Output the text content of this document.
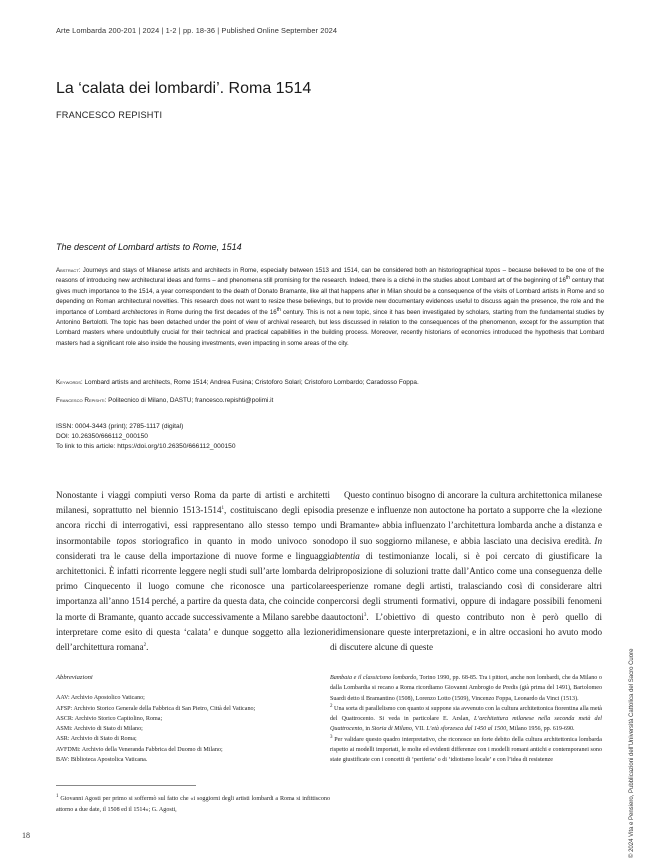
Arte Lombarda 200-201 | 2024 | 1-2 | pp. 18-36 | Published Online September 2024
La ‘calata dei lombardi’. Roma 1514
FRANCESCO REPISHTI
The descent of Lombard artists to Rome, 1514

Abstract: Journeys and stays of Milanese artists and architects in Rome, especially between 1513 and 1514, can be considered both an historiographical topos – because believed to be one of the reasons of introducing new architectural ideas and forms – and phenomena still promising for the research. Indeed, there is a cliché in the studies about Lombard art of the beginning of 16th century that gives much importance to the 1514, a year correspondent to the death of Donato Bramante, like all that happens after in Milan should be a consequence of the visits of Lombard artists in Rome and so depending on Roman architectural novelties. This research does not want to resize these believings, but to provide new documentary evidences useful to discuss again the presence, the role and the importance of Lombard architectores in Rome during the first decades of the 16th century. This is not a new topic, since it has been investigated by scholars, starting from the fundamental studies by Antonino Bertolotti. The topic has been detached under the point of view of archival research, but less discussed in relation to the consequences of the phenomenon, except for the assumption that Lombard masters where undoubtfully crucial for their technical and practical capabilities in the building process. Moreover, recently historians of economics introduced the hypothesis that Lombard masters had a significant role also inside the housing investments, even impacting in some areas of the city.

Keywords: Lombard artists and architects, Rome 1514; Andrea Fusina; Cristoforo Solari; Cristoforo Lombardo; Caradosso Foppa.

Francesco Repishti: Politecnico di Milano, DASTU; francesco.repishti@polimi.it

ISSN: 0004-3443 (print); 2785-1117 (digital)
DOI: 10.26350/666112_000150
To link to this article: https://doi.org/10.26350/666112_000150

Nonostante i viaggi compiuti verso Roma da parte di artisti e architetti milanesi, soprattutto nel biennio 1513-1514$^1$, costituiscano degli episodi ancora ricchi di interrogativi, essi rappresentano allo stesso tempo un insormontabile topos storiografico in quanto in modo univoco sono considerati tra le cause della importazione di nuove forme e linguaggi architettonici. È infatti ricorrente leggere negli studi sull’arte lombarda del primo Cinquecento il luogo comune che riconosce una particolare importanza all’anno 1514 perché, a partire da questa data, che coincide con la morte di Bramante, quanto accade successivamente a Milano sarebbe da interpretare come esito di questa ‘calata’ e dunque soggetto alla lezione dell’architettura romana$^2$.

Questo continuo bisogno di ancorare la cultura architettonica milanese a presenze e influenze non autoctone ha portato a supporre che la «lezione di Bramante» abbia influenzato l’architettura lombarda anche a distanza e dopo il suo soggiorno milanese, e abbia lasciato una decisiva eredità. In abtentia di testimonianze locali, si è poi cercato di giustificare la riproposizione di soluzioni tratte dall’Antico come una conseguenza delle esperienze romane degli artisti, tralasciando così di considerare altri percorsi degli strumenti formativi, oppure di indagare possibili fenomeni autoctoni$^3$. L’obiettivo di questo contributo non è però quello di ridimensionare queste interpretazioni, e in altre occasioni ho avuto modo di discutere alcune di queste

Abbreviazioni

AAV: Archivio Apostolico Vaticano;

AFSP: Archivio Storico Generale della Fabbrica di San Pietro, Città del Vaticano;

ASCR: Archivio Storico Capitolino, Roma;

ASMi: Archivio di Stato di Milano;

ASR: Archivio di Stato di Roma;

AVFDMi: Archivio della Veneranda Fabbrica del Duomo di Milano;

BAV: Biblioteca Apostolica Vaticana.

$^1$ Giovanni Agosti per primo si soffermò sul fatto che «i soggiorni degli artisti lombardi a Roma si infittiscono attorno a due date, il 1508 ed il 1514»; G. Agosti,

Bambaia e il classicismo lombardo, Torino 1990, pp. 68-85. Tra i pittori, anche non lombardi, che da Milano o dalla Lombardia si recano a Roma ricordiamo Giovanni Ambrogio de Predis (già prima del 1491), Bartolomeo Suardi detto il Bramantino (1508), Lorenzo Lotto (1509), Vincenzo Foppa, Leonardo da Vinci (1513).
$^2$ Una sorta di parallelismo con quanto si suppone sia avvenuto con la cultura architettonica fiorentina alla metà del Quattrocento. Si veda in particolare E. Arslan, L’architettura milanese nella seconda metà del Quattrocento, in Storia di Milano, VII. L’età sforzesca dal 1450 al 1500, Milano 1956, pp. 619-690.
$^3$ Per validare questo quadro interpretativo, che riconosce un forte debito della cultura architettonica lombarda rispetto ai modelli importati, le molte ed evidenti differenze con i modelli romani antichi e contemporanei sono state giustificate con i concetti di ‘periferia’ o di ‘idiotismo locale’ e con l’idea di resistenze
18	© 2024 Vita e Pensiero, Pubblicazioni dell’Università Cattolica del Sacro Cuore
